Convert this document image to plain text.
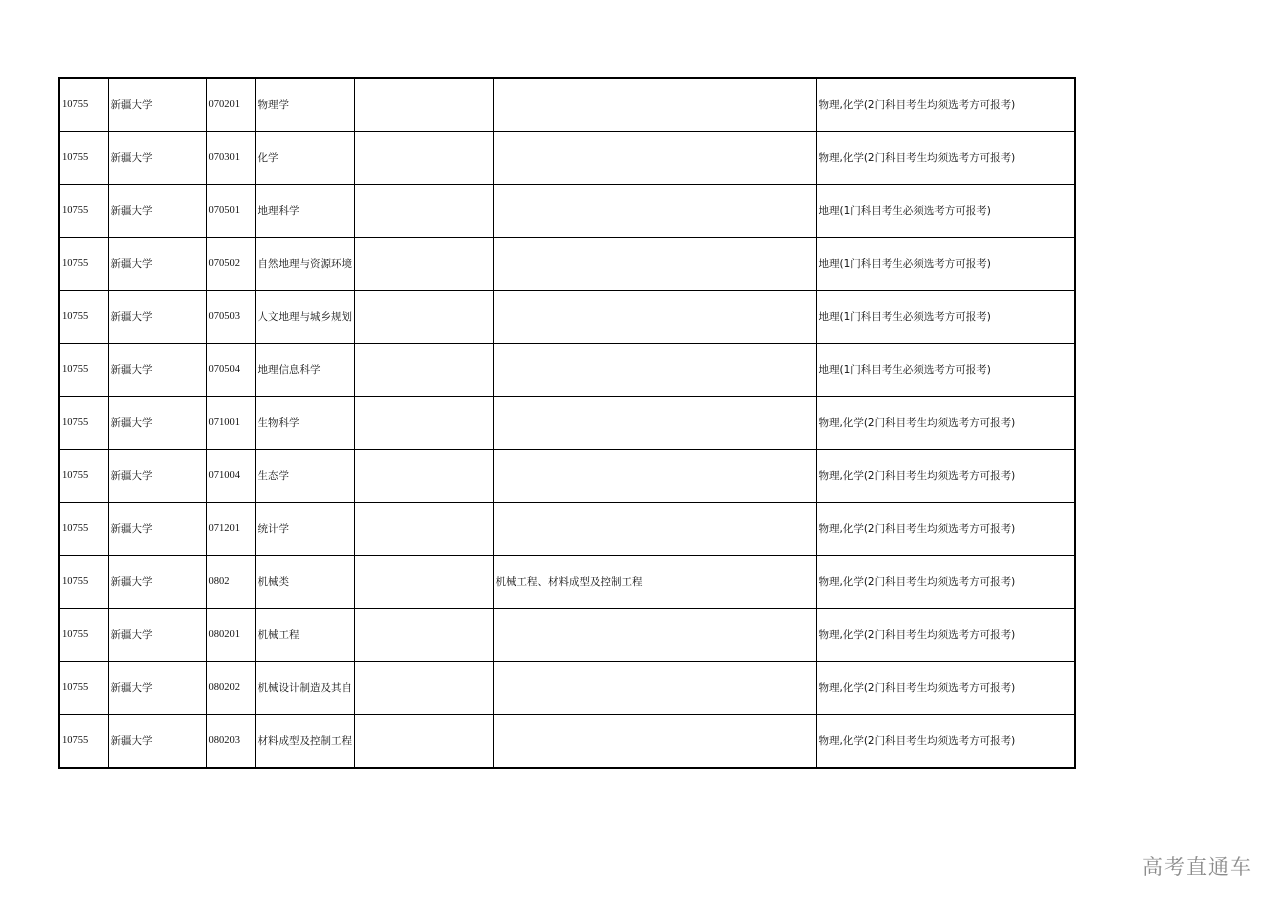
10755	新疆大学	070201	物理学			物理,化学(2门科目考生均须选考方可报考)
10755	新疆大学	070301	化学			物理,化学(2门科目考生均须选考方可报考)
10755	新疆大学	070501	地理科学			地理(1门科目考生必须选考方可报考)
10755	新疆大学	070502	自然地理与资源环境			地理(1门科目考生必须选考方可报考)
10755	新疆大学	070503	人文地理与城乡规划			地理(1门科目考生必须选考方可报考)
10755	新疆大学	070504	地理信息科学			地理(1门科目考生必须选考方可报考)
10755	新疆大学	071001	生物科学			物理,化学(2门科目考生均须选考方可报考)
10755	新疆大学	071004	生态学			物理,化学(2门科目考生均须选考方可报考)
10755	新疆大学	071201	统计学			物理,化学(2门科目考生均须选考方可报考)
10755	新疆大学	0802	机械类		机械工程、材料成型及控制工程	物理,化学(2门科目考生均须选考方可报考)
10755	新疆大学	080201	机械工程			物理,化学(2门科目考生均须选考方可报考)
10755	新疆大学	080202	机械设计制造及其自			物理,化学(2门科目考生均须选考方可报考)
10755	新疆大学	080203	材料成型及控制工程			物理,化学(2门科目考生均须选考方可报考)
高考直通车
